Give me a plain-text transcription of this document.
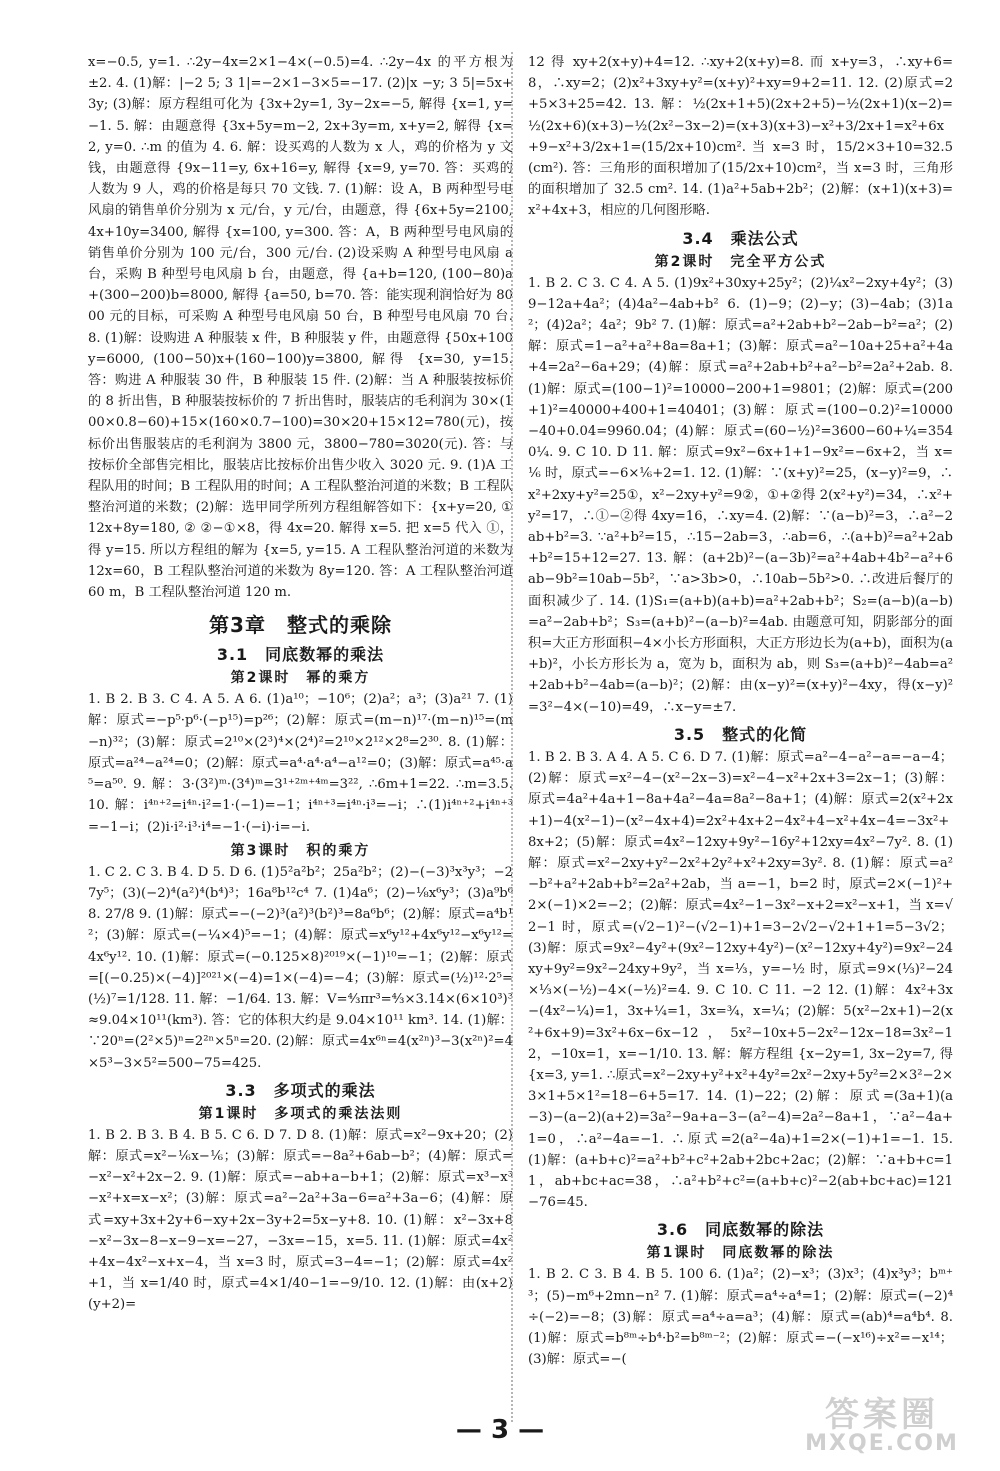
x=−0.5, y=1. ∴2y−4x=2×1−4×(−0.5)=4. ∴2y−4x 的平方根为±2. 4. (1)解：|−2 5; 3 1|=−2×1−3×5=−17. (2)|x −y; 3 5|=5x+3y; (3)解：原方程组可化为 {3x+2y=1, 3y−2x=−5, 解得 {x=1, y=−1. 5. 解：由题意得 {3x+5y=m−2, 2x+3y=m, x+y=2, 解得 {x=2, y=0. ∴m 的值为 4. 6. 解：设买鸡的人数为 x 人，鸡的价格为 y 文钱，由题意得 {9x−11=y, 6x+16=y, 解得 {x=9, y=70. 答：买鸡的人数为 9 人，鸡的价格是每只 70 文钱. 7. (1)解：设 A，B 两种型号电风扇的销售单价分别为 x 元/台，y 元/台，由题意，得 {6x+5y=2100, 4x+10y=3400, 解得 {x=100, y=300. 答：A，B 两种型号电风扇的销售单价分别为 100 元/台，300 元/台. (2)设采购 A 种型号电风扇 a 台，采购 B 种型号电风扇 b 台，由题意，得 {a+b=120, (100−80)a+(300−200)b=8000, 解得 {a=50, b=70. 答：能实现利润恰好为 8000 元的目标，可采购 A 种型号电风扇 50 台，B 种型号电风扇 70 台. 8. (1)解：设购进 A 种服装 x 件，B 种服装 y 件，由题意得 {50x+100y=6000, (100−50)x+(160−100)y=3800, 解得 {x=30, y=15. 答：购进 A 种服装 30 件，B 种服装 15 件. (2)解：当 A 种服装按标价的 8 折出售，B 种服装按标价的 7 折出售时，服装店的毛利润为 30×(100×0.8−60)+15×(160×0.7−100)=30×20+15×12=780(元)，按标价出售服装店的毛利润为 3800 元，3800−780=3020(元). 答：与按标价全部售完相比，服装店比按标价出售少收入 3020 元. 9. (1)A 工程队用的时间；B 工程队用的时间；A 工程队整治河道的米数；B 工程队整治河道的米数；(2)解：选甲同学所列方程组解答如下：{x+y=20, ① 12x+8y=180, ② ②−①×8，得 4x=20. 解得 x=5. 把 x=5 代入 ①，得 y=15. 所以方程组的解为 {x=5, y=15. A 工程队整治河道的米数为 12x=60，B 工程队整治河道的米数为 8y=120. 答：A 工程队整治河道 60 m，B 工程队整治河道 120 m.

第3章　整式的乘除
3.1　同底数幂的乘法
第2课时　幂的乘方

1. B 2. B 3. C 4. A 5. A 6. (1)a¹⁰；−10⁶；(2)a²；a³；(3)a²¹ 7. (1)解：原式=−p⁵·p⁶·(−p¹⁵)=p²⁶；(2)解：原式=(m−n)¹⁷·(m−n)¹⁵=(m−n)³²；(3)解：原式=2¹⁰×(2³)⁴×(2⁴)²=2¹⁰×2¹²×2⁸=2³⁰. 8. (1)解：原式=a²⁴−a²⁴=0；(2)解：原式=a⁴·a⁴·a⁴−a¹²=0；(3)解：原式=a⁴⁵·a⁵=a⁵⁰. 9. 解：3·(3²)ᵐ·(3⁴)ᵐ=3¹⁺²ᵐ⁺⁴ᵐ=3²², ∴6m+1=22. ∴m=3.5. 10. 解：i⁴ⁿ⁺²=i⁴ⁿ·i²=1·(−1)=−1；i⁴ⁿ⁺³=i⁴ⁿ·i³=−i；∴(1)i⁴ⁿ⁺²+i⁴ⁿ⁺³=−1−i；(2)i·i²·i³·i⁴=−1·(−i)·i=−i.

第3课时　积的乘方

1. C 2. C 3. B 4. D 5. D 6. (1)5²a²b²；25a²b²；(2)−(−3)³x³y³；−27y⁵；(3)(−2)⁴(a²)⁴(b⁴)³；16a⁸b¹²c⁴ 7. (1)4a⁶；(2)−⅛x⁶y³；(3)a⁹b⁶ 8. 27/8 9. (1)解：原式=−(−2)³(a²)³(b²)³=8a⁶b⁶；(2)解：原式=a⁴b¹²；(3)解：原式=(−¼×4)⁵=−1；(4)解：原式=x⁶y¹²+4x⁶y¹²−x⁶y¹²=4x⁶y¹². 10. (1)解：原式=(−0.125×8)²⁰¹⁹×(−1)¹⁰=−1；(2)解：原式=[(−0.25)×(−4)]²⁰²¹×(−4)=1×(−4)=−4；(3)解：原式=(½)¹²·2⁵=(½)⁷=1/128. 11. 解：−1/64. 13. 解：V=⁴⁄₃πr³=⁴⁄₃×3.14×(6×10³)³≈9.04×10¹¹(km³). 答：它的体积大约是 9.04×10¹¹ km³. 14. (1)解：∵20ⁿ=(2²×5)ⁿ=2²ⁿ×5ⁿ=20. (2)解：原式=4x⁶ⁿ=4(x²ⁿ)³−3(x²ⁿ)²=4×5³−3×5²=500−75=425.

3.3　多项式的乘法
第1课时　多项式的乘法法则

1. B 2. B 3. B 4. B 5. C 6. D 7. D 8. (1)解：原式=x²−9x+20；(2)解：原式=x²−⅙x−⅙；(3)解：原式=−8a²+6ab−b²；(4)解：原式=−x²−x²+2x−2. 9. (1)解：原式=−ab+a−b+1；(2)解：原式=x³−x³−x²+x=x−x²；(3)解：原式=a²−2a²+3a−6=a²+3a−6；(4)解：原式=xy+3x+2y+6−xy+2x−3y+2=5x−y+8. 10. (1)解：x²−3x+8−x²−3x−8−x−9−x=−27，−3x=−15，x=5. 11. (1)解：原式=4x²+4x−4x²−x+x−4，当 x=3 时，原式=3−4=−1；(2)解：原式=4x²+1，当 x=1/40 时，原式=4×1/40−1=−9/10. 12. (1)解：由(x+2)(y+2)=

12 得 xy+2(x+y)+4=12. ∴xy+2(x+y)=8. 而 x+y=3，∴xy+6=8，∴xy=2；(2)x²+3xy+y²=(x+y)²+xy=9+2=11. 12. (2)原式=2+5×3+25=42. 13. 解：½(2x+1+5)(2x+2+5)−½(2x+1)(x−2)=½(2x+6)(x+3)−½(2x²−3x−2)=(x+3)(x+3)−x²+3/2x+1=x²+6x+9−x²+3/2x+1=(15/2x+10)cm². 当 x=3 时，15/2×3+10=32.5(cm²). 答：三角形的面积增加了(15/2x+10)cm²，当 x=3 时，三角形的面积增加了 32.5 cm². 14. (1)a²+5ab+2b²；(2)解：(x+1)(x+3)=x²+4x+3，相应的几何图形略.

3.4　乘法公式
第2课时　完全平方公式

1. B 2. C 3. C 4. A 5. (1)9x²+30xy+25y²；(2)¼x²−2xy+4y²；(3)9−12a+4a²；(4)4a²−4ab+b² 6. (1)−9；(2)−y；(3)−4ab；(3)1a²；(4)2a²；4a²；9b² 7. (1)解：原式=a²+2ab+b²−2ab−b²=a²；(2)解：原式=1−a²+a²+8a=8a+1；(3)解：原式=a²−10a+25+a²+4a+4=2a²−6a+29；(4)解：原式=a²+2ab+b²+a²−b²=2a²+2ab. 8. (1)解：原式=(100−1)²=10000−200+1=9801；(2)解：原式=(200+1)²=40000+400+1=40401；(3)解：原式=(100−0.2)²=10000−40+0.04=9960.04；(4)解：原式=(60−½)²=3600−60+¼=3540¼. 9. C 10. D 11. 解：原式=9x²−6x+1+1−9x²=−6x+2，当 x=⅙ 时，原式=−6×⅙+2=1. 12. (1)解：∵(x+y)²=25，(x−y)²=9，∴x²+2xy+y²=25①，x²−2xy+y²=9②，①+②得 2(x²+y²)=34，∴x²+y²=17，∴①−②得 4xy=16，∴xy=4. (2)解：∵(a−b)²=3，∴a²−2ab+b²=3. ∵a²+b²=15，∴15−2ab=3，∴ab=6，∴(a+b)²=a²+2ab+b²=15+12=27. 13. 解：(a+2b)²−(a−3b)²=a²+4ab+4b²−a²+6ab−9b²=10ab−5b²，∵a>3b>0，∴10ab−5b²>0. ∴改进后餐厅的面积减少了. 14. (1)S₁=(a+b)(a+b)=a²+2ab+b²；S₂=(a−b)(a−b)=a²−2ab+b²；S₃=(a+b)²−(a−b)²=4ab. 由题意可知，阴影部分的面积=大正方形面积−4×小长方形面积，大正方形边长为(a+b)，面积为(a+b)²，小长方形长为 a，宽为 b，面积为 ab，则 S₃=(a+b)²−4ab=a²+2ab+b²−4ab=(a−b)²；(2)解：由(x−y)²=(x+y)²−4xy，得(x−y)²=3²−4×(−10)=49，∴x−y=±7.

3.5　整式的化简

1. B 2. B 3. A 4. A 5. C 6. D 7. (1)解：原式=a²−4−a²−a=−a−4；(2)解：原式=x²−4−(x²−2x−3)=x²−4−x²+2x+3=2x−1；(3)解：原式=4a²+4a+1−8a+4a²−4a=8a²−8a+1；(4)解：原式=2(x²+2x+1)−4(x²−1)−(x²−4x+4)=2x²+4x+2−4x²+4−x²+4x−4=−3x²+8x+2；(5)解：原式=4x²−12xy+9y²−16y²+12xy=4x²−7y². 8. (1)解：原式=x²−2xy+y²−2x²+2y²+x²+2xy=3y². 8. (1)解：原式=a²−b²+a²+2ab+b²=2a²+2ab，当 a=−1，b=2 时，原式=2×(−1)²+2×(−1)×2=−2；(2)解：原式=4x²−1−3x²−x+2=x²−x+1，当 x=√2−1 时，原式=(√2−1)²−(√2−1)+1=3−2√2−√2+1+1=5−3√2；(3)解：原式=9x²−4y²+(9x²−12xy+4y²)−(x²−12xy+4y²)=9x²−24xy+9y²=9x²−24xy+9y²，当 x=⅓，y=−½ 时，原式=9×(⅓)²−24×⅓×(−½)−4×(−½)²=4. 9. C 10. C 11. −2 12. (1)解：4x²+3x−(4x²−¼)=1，3x+¼=1，3x=¾，x=¼；(2)解：5(x²−2x+1)−2(x²+6x+9)=3x²+6x−6x−12，5x²−10x+5−2x²−12x−18=3x²−12，−10x=1，x=−1/10. 13. 解：解方程组 {x−2y=1, 3x−2y=7, 得 {x=3, y=1. ∴原式=x²−2xy+y²+x²+4y²=2x²−2xy+5y²=2×3²−2×3×1+5×1²=18−6+5=17. 14. (1)−22；(2)解：原式=(3a+1)(a−3)−(a−2)(a+2)=3a²−9a+a−3−(a²−4)=2a²−8a+1，∵a²−4a+1=0，∴a²−4a=−1. ∴原式=2(a²−4a)+1=2×(−1)+1=−1. 15. (1)解：(a+b+c)²=a²+b²+c²+2ab+2bc+2ac；(2)解：∵a+b+c=11，ab+bc+ac=38，∴a²+b²+c²=(a+b+c)²−2(ab+bc+ac)=121−76=45.

3.6　同底数幂的除法
第1课时　同底数幂的除法

1. B 2. C 3. B 4. B 5. 100 6. (1)a²；(2)−x³；(3)x³；(4)x³y³；bᵐ⁺³；(5)−m⁶+2mn−n² 7. (1)解：原式=a⁴÷a⁴=1；(2)解：原式=(−2)⁴÷(−2)=−8；(3)解：原式=a⁴÷a=a³；(4)解：原式=(ab)⁴=a⁴b⁴. 8. (1)解：原式=b⁸ᵐ÷b⁴·b²=b⁸ᵐ⁻²；(2)解：原式=−(−x¹⁶)÷x²=−x¹⁴；(3)解：原式=−(

— 3 —	答案圈
MXQE.COM
